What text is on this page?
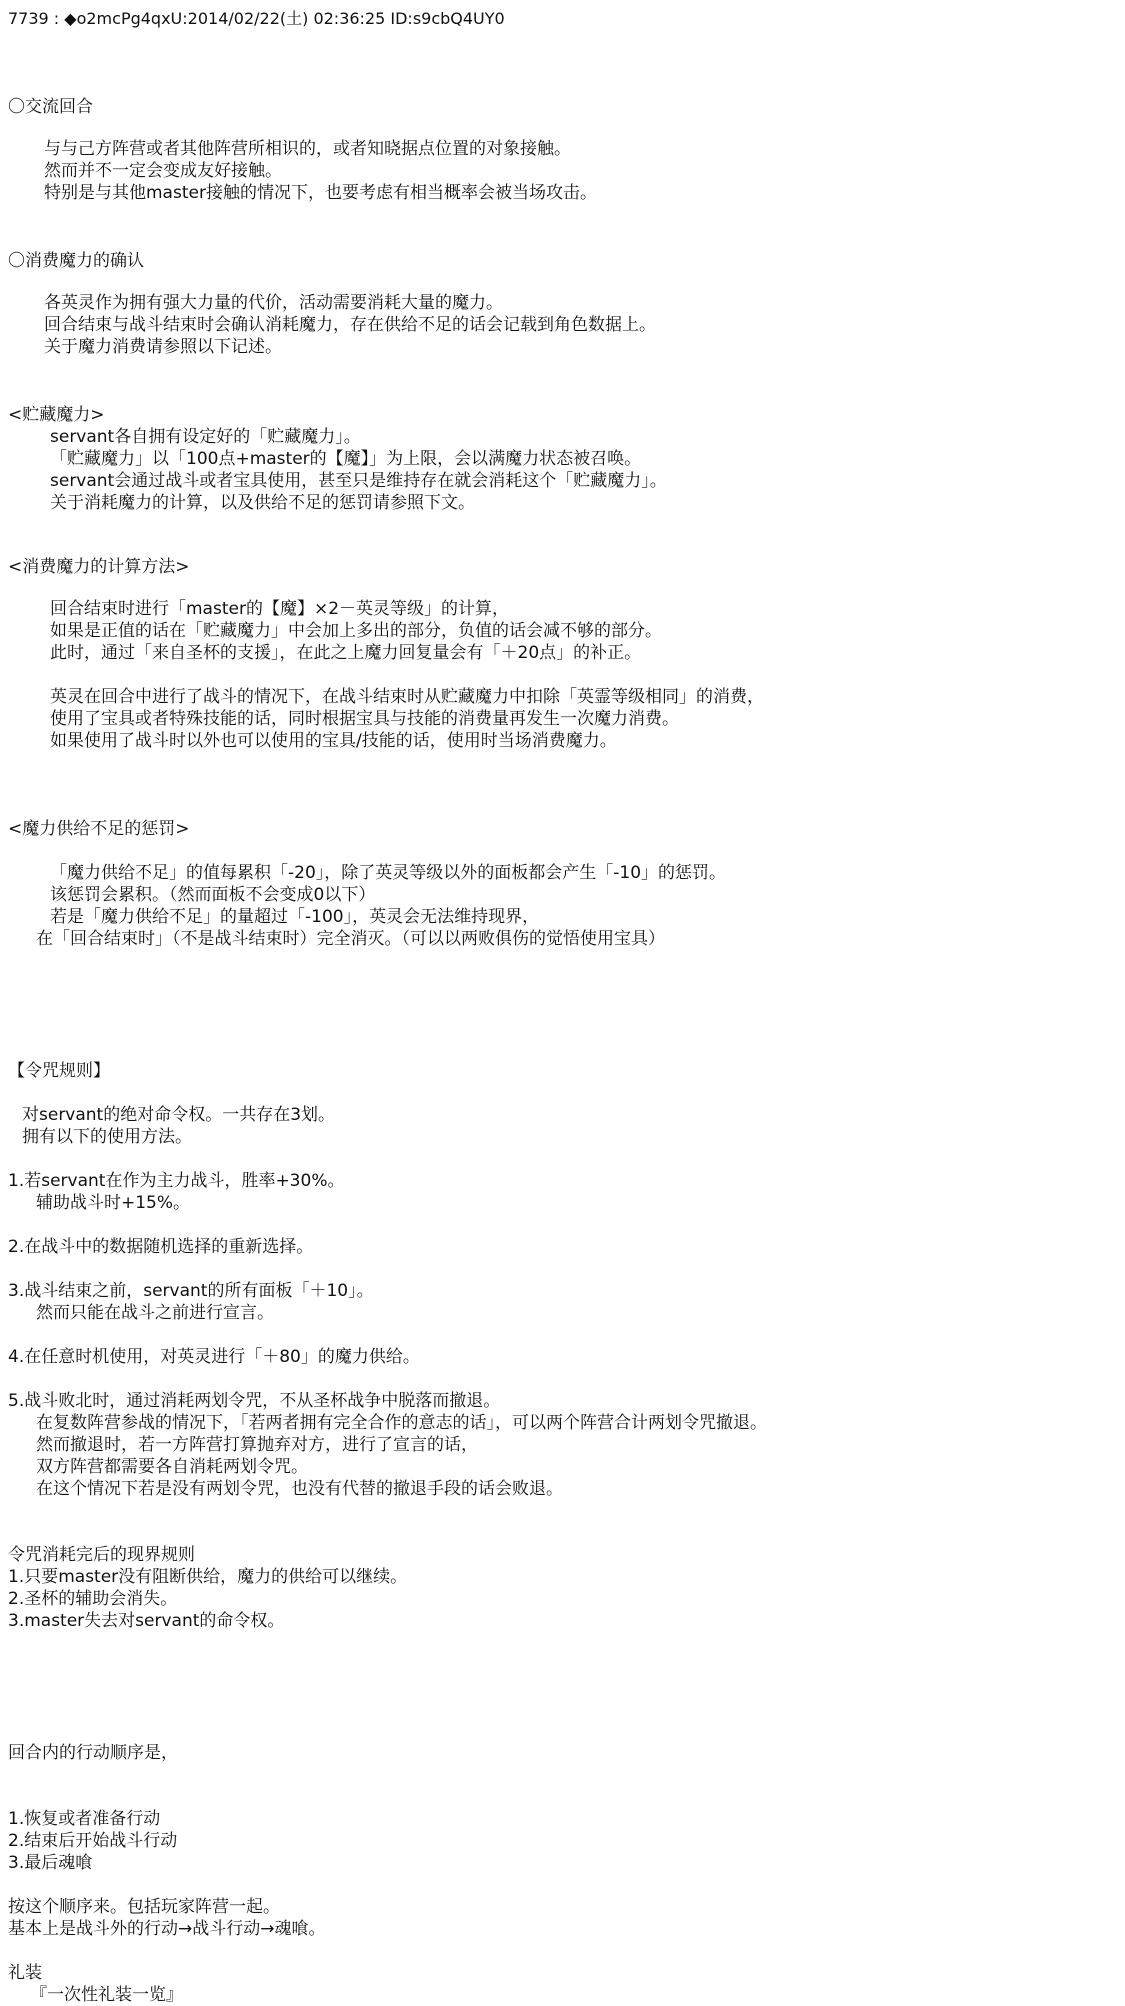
7739 : ◆o2mcPg4qxU:2014/02/22(土) 02:36:25 ID:s9cbQ4UY0
〇交流回合
与与己方阵营或者其他阵营所相识的，或者知晓据点位置的对象接触。
然而并不一定会变成友好接触。
特别是与其他master接触的情况下，也要考虑有相当概率会被当场攻击。
〇消费魔力的确认
各英灵作为拥有强大力量的代价，活动需要消耗大量的魔力。
回合结束与战斗结束时会确认消耗魔力，存在供给不足的话会记载到角色数据上。
关于魔力消费请参照以下记述。
<贮藏魔力>
servant各自拥有设定好的「贮藏魔力」。
「贮藏魔力」以「100点+master的【魔】」为上限，会以满魔力状态被召唤。
servant会通过战斗或者宝具使用，甚至只是维持存在就会消耗这个「贮藏魔力」。
关于消耗魔力的计算，以及供给不足的惩罚请参照下文。
<消费魔力的计算方法>
回合结束时进行「master的【魔】×2－英灵等级」的计算，
如果是正值的话在「贮藏魔力」中会加上多出的部分，负值的话会减不够的部分。
此时，通过「来自圣杯的支援」，在此之上魔力回复量会有「＋20点」的补正。
英灵在回合中进行了战斗的情况下，在战斗结束时从贮藏魔力中扣除「英霊等级相同」的消费，
使用了宝具或者特殊技能的话，同时根据宝具与技能的消费量再发生一次魔力消费。
如果使用了战斗时以外也可以使用的宝具/技能的话，使用时当场消费魔力。
<魔力供给不足的惩罚>
「魔力供给不足」的值每累积「-20」，除了英灵等级以外的面板都会产生「-10」的惩罚。
该惩罚会累积。（然而面板不会变成0以下）
若是「魔力供给不足」的量超过「-100」，英灵会无法维持现界，
在「回合结束时」（不是战斗结束时）完全消灭。（可以以两败俱伤的觉悟使用宝具）
【令咒规则】
对servant的绝对命令权。一共存在3划。
拥有以下的使用方法。
1.若servant在作为主力战斗，胜率+30%。
辅助战斗时+15%。
2.在战斗中的数据随机选择的重新选择。
3.战斗结束之前，servant的所有面板「＋10」。
然而只能在战斗之前进行宣言。
4.在任意时机使用，对英灵进行「＋80」的魔力供给。
5.战斗败北时，通过消耗两划令咒，不从圣杯战争中脱落而撤退。
在复数阵营参战的情况下，「若两者拥有完全合作的意志的话」，可以两个阵营合计两划令咒撤退。
然而撤退时，若一方阵营打算抛弃对方，进行了宣言的话，
双方阵营都需要各自消耗两划令咒。
在这个情况下若是没有两划令咒，也没有代替的撤退手段的话会败退。
令咒消耗完后的现界规则
1.只要master没有阻断供给，魔力的供给可以继续。
2.圣杯的辅助会消失。
3.master失去对servant的命令权。
回合内的行动顺序是，
1.恢复或者准备行动
2.结束后开始战斗行动
3.最后魂喰
按这个顺序来。包括玩家阵营一起。
基本上是战斗外的行动→战斗行动→魂喰。
礼装
『一次性礼装一览』
